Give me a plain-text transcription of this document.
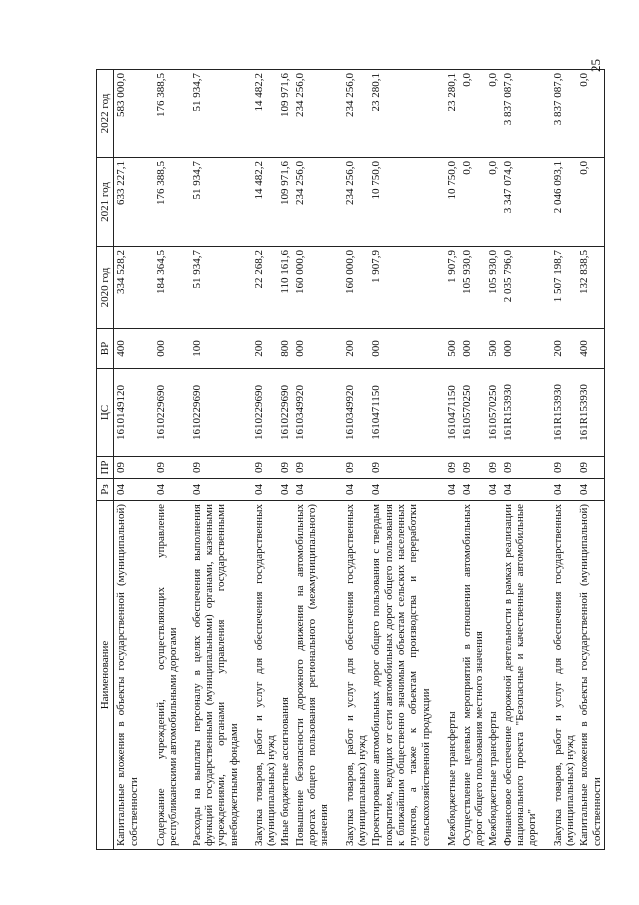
25
Наименование	Рз	ПР	ЦС	ВР	2020 год	2021 год	2022 год
Капитальные вложения в объекты государственной (муниципальной) собственности	04	09	1610149120	400	334 528,2	633 227,1	583 000,0
Содержание учреждений, осуществляющих управление республиканскими автомобильными дорогами	04	09	1610229690	000	184 364,5	176 388,5	176 388,5
Расходы на выплаты персоналу в целях обеспечения выполнения функций государственными (муниципальными) органами, казенными учреждениями, органами управления государственными внебюджетными фондами	04	09	1610229690	100	51 934,7	51 934,7	51 934,7
Закупка товаров, работ и услуг для обеспечения государственных (муниципальных) нужд	04	09	1610229690	200	22 268,2	14 482,2	14 482,2
Иные бюджетные ассигнования	04	09	1610229690	800	110 161,6	109 971,6	109 971,6
Повышение безопасности дорожного движения на автомобильных дорогах общего пользования регионального (межмуниципального) значения	04	09	1610349920	000	160 000,0	234 256,0	234 256,0
Закупка товаров, работ и услуг для обеспечения государственных (муниципальных) нужд	04	09	1610349920	200	160 000,0	234 256,0	234 256,0
Проектирование автомобильных дорог общего пользования с твердым покрытием, ведущих от сети автомобильных дорог общего пользования к ближайшим общественно значимым объектам сельских населенных пунктов, а также к объектам производства и переработки сельскохозяйственной продукции	04	09	1610471150	000	1 907,9	10 750,0	23 280,1
Межбюджетные трансферты	04	09	1610471150	500	1 907,9	10 750,0	23 280,1
Осуществление целевых мероприятий в отношении автомобильных дорог общего пользования местного значения	04	09	1610570250	000	105 930,0	0,0	0,0
Межбюджетные трансферты	04	09	1610570250	500	105 930,0	0,0	0,0
Финансовое обеспечение дорожной деятельности в рамках реализации национального проекта "Безопасные и качественные автомобильные дороги"	04	09	161R153930	000	2 035 796,0	3 347 074,0	3 837 087,0
Закупка товаров, работ и услуг для обеспечения государственных (муниципальных) нужд	04	09	161R153930	200	1 507 198,7	2 046 093,1	3 837 087,0
Капитальные вложения в объекты государственной (муниципальной) собственности	04	09	161R153930	400	132 838,5	0,0	0,0
